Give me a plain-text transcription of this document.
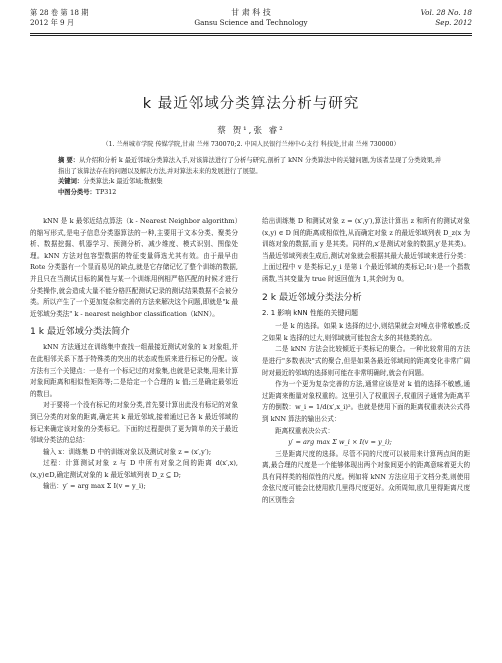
第 28 卷 第 18 期
2012 年 9 月
甘 肃 科 技
Gansu Science and Technology
Vol. 28 No. 18
Sep. 2012
k 最近邻域分类算法分析与研究
蔡 贺¹,张 睿²
（1. 兰州城市学院 传媒学院,甘肃 兰州 730070;2. 中国人民银行兰州中心支行 科技处,甘肃 兰州 730000）
摘 要：从介绍和分析 k 最近邻域分类算法入手,对该算法进行了分析与研究,剖析了 kNN 分类算法中的关键问题,为该者呈现了分类效果,并指出了该算法存在的问题以及解决方法,并对算法未来的发展进行了展望。
关键词：分类算法;k 最近邻域;数据集
中图分类号：TP312

kNN 是 k 最邻近结点算法（k - Nearest Neighbor algorithm）的缩写形式,是电子信息分类器算法的一种,主要用于文本分类、聚类分析、数据挖掘、机器学习、预测分析、减少维度、模式识别、图像处理。kNN 方法对包容型数据的特征变量筛选尤其有效。由于最早由 Rote 分类器有一个显而易见的缺点,就是它存储记忆了整个训练的数据,并且只在当测试目标的属性与某一个训练用例相严格匹配的时候才进行分类操作,就会造成大量不能分格匹配测试记录的测试结果数据不会被分类。所以产生了一个更加复杂和完善的方法来解决这个问题,即就是"k 最近邻域分类法" k - nearest neighbor classification（kNN）。

1 k 最近邻域分类法简介

kNN 方法通过在训练集中查找一组最接近测试对象的 k 对象组,并在此相邻关系下基于特殊类的突出的状态或性质来进行标记的分配。该方法有三个关键点：一是有一个标记过的对象集,也就是记录集,用来计算对象间距离和相似性矩阵等;二是给定一个合理的 k 值;三是确定最邻近的数目。

对于要将一个没有标记的对象分类,首先要计算出此没有标记的对象到已分类的对象的距离,确定其 k 最近邻域,接着通过已各 k 最近邻域的标记来确定该对象的分类标记。下面的过程提供了更为简单的关于最近邻域分类法的总结：

输入 x：训练集 D 中的训练对象以及测试对象 z = (x′,y′);

过程：计算测试对象 z 与 D 中所有对象之间的距离 d(x′,x),(x,y)∈D,确定测试对象的 k 最近邻域列表 D_z ⊆ D;

输出：y′ = arg max Σ I(v = y_i);

给出训练集 D 和测试对象 z = (x′,y′),算法计算出 z 和所有的测试对象 (x,y) ∈ D 间的距离或相似性,从而确定对象 z 的最近邻域列表 D_z(x 为训练对象的数据,而 y 是其类。同样的,x′是测试对象的数据,y′是其类)。当最近邻域列表生成后,测试对象就会根据其最大最近邻域来进行分类：上面过程中 v 是类标记,y_i 是第 i 个最近邻域的类标记;I(·)是一个指数函数,当其变量为 true 时返回值为 1,其余时为 0。

2 k 最近邻域分类法分析
2. 1 影响 kNN 性能的关键问题

一是 k 的选择。如果 k 选择的过小,则结果就会对噪点非常敏感;反之如果 k 选择的过大,则邻域就可能包含太多的其他类的点。

二是 kNN 方法会比较倾近于类标记的聚合。一种比较常用的方法是进行"多数表决"式的聚合,但是如果各最近邻域间的距离变化非常广阔时对最近的邻域的选择则可能在非常明确时,就会有问题。

作为一个更为复杂完善的方法,通常应该是对 k 值的选择不敏感,通过距离来衡量对象权重的。这里引入了权重因子,权重因子通常为距离平方的倒数：w_i = 1/d(x′,x_i)²。也就是使用下面的距离权重表决公式得到 kNN 算法的输出公式：

距离权重表决公式：

y′ = arg max Σ w_i × I(v = y_i);

三是距离尺度的选择。尽管不同的尺度可以被用来计算两点间的距离,最合理的尺度是一个能够体现出两个对象间更小的距离意味着更大的具有同样类的相似性的尺度。例如将 kNN 方法应用于文档分类,则使用余弦尺度可能会比使用欧几里得尺度更好。众所周知,欧几里得距离尺度的区别性会
